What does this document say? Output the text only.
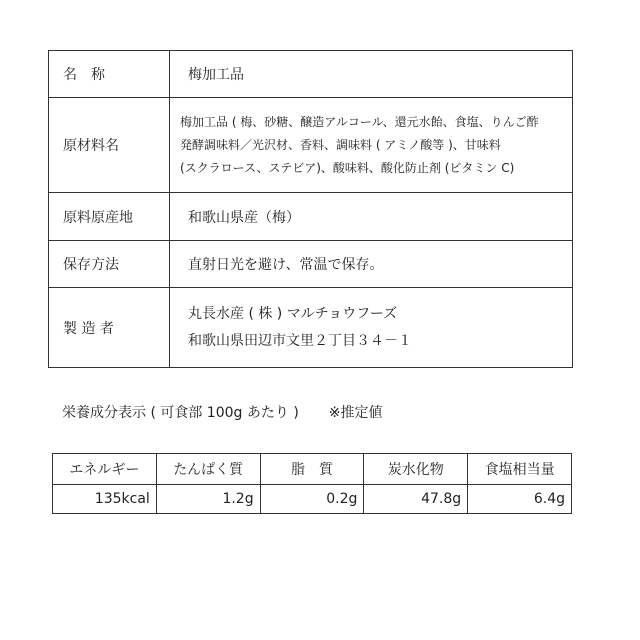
名　称	梅加工品

原材料名	梅加工品 ( 梅、砂糖、醸造アルコール、還元水飴、食塩、りんご酢
発酵調味料／光沢材、香料、調味料 ( アミノ酸等 )、甘味料
(スクラロース、ステビア)、酸味料、酸化防止剤 (ビタミン C)

原料原産地	和歌山県産（梅）

保存方法	直射日光を避け、常温で保存。

製 造 者	丸長水産 ( 株 ) マルチョウフーズ
和歌山県田辺市文里２丁目３４－１
栄養成分表示 ( 可食部 100g あたり ) ※推定値
エネルギー	たんぱく質	脂　質	炭水化物	食塩相当量
135kcal	1.2g	0.2g	47.8g	6.4g
